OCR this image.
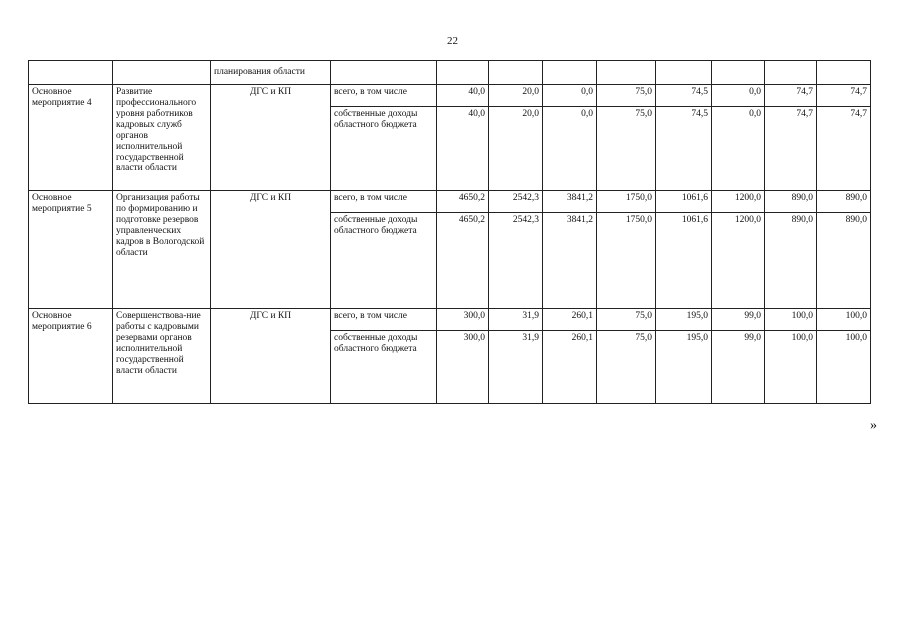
22
		планирования области									
Основное мероприятие 4	Развитие профессионального уровня работников кадровых служб органов исполнительной государственной власти области	ДГС и КП	всего, в том числе	40,0	20,0	0,0	75,0	74,5	0,0	74,7	74,7
			собственные доходы областного бюджета	40,0	20,0	0,0	75,0	74,5	0,0	74,7	74,7
Основное мероприятие 5	Организация работы по формированию и подготовке резервов управленческих кадров в Вологодской области	ДГС и КП	всего, в том числе	4650,2	2542,3	3841,2	1750,0	1061,6	1200,0	890,0	890,0
			собственные доходы областного бюджета	4650,2	2542,3	3841,2	1750,0	1061,6	1200,0	890,0	890,0
Основное мероприятие 6	Совершенствова-ние работы с кадровыми резервами органов исполнительной государственной власти области	ДГС и КП	всего, в том числе	300,0	31,9	260,1	75,0	195,0	99,0	100,0	100,0
			собственные доходы областного бюджета	300,0	31,9	260,1	75,0	195,0	99,0	100,0	100,0
»
